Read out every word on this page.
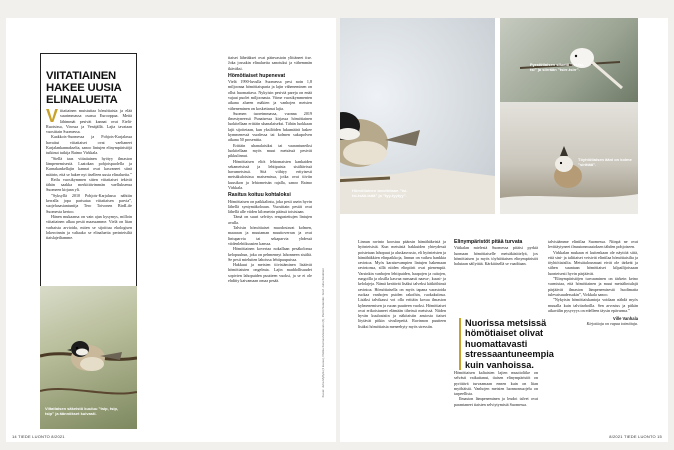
VIITATIAINEN HAKEE UUSIA ELINALUEITA

Viitatiainen muistuttaa hömötiaista ja elää suurimmassa osassa Eurooppaa. Meitä lähimmät pesivät kannat ovat Etelä-Ruotsissa, Virossa ja Venäjällä. Lajia tavataan vuosittain Suomessa.

Kaakkois-Suomessa ja Pohjois-Karjalassa havaitut viitatiaiset ovat vaeltaneet Karjalankannakselta, sanoo lintujen elinympäristöjä tutkinut tutkija Raimo Virkkala.

”Siellä taas viitatiainen hyötyy ilmaston lämpenemisestä. Laatokan pohjoispuolella ja Karnakankellajin kannat ovat kasvaneet siinä määrin, että se hakee nyt itselleen uusia elinalueita.”

Reilu vuosikymmen sitten viitatiaiset tekivät tähän saakka merkittävimmän vaelluksensa Suomeen kirjaan yli.

”Syksyllä 2010 Pohjois-Karjalassa nähtiin kerralla jopa parisataa viitatiaisen parvia”, suojelusasiantuntija Tero Toivonen BirdLife Suomesta kertoo.

Hänen mukaansa on vain ajan kysymys, milloin viitatiainen alkaa pesiä maassamme. Vielä on liian varhaista arvioida, miten se sijoittuu ekologisen lokeroinnin ja valtaako se elinalueita perinteisiltä tiaislajeiltamme.

Viitatiaisen säkeistö kuuluu ”tsip, tsip, tsip” ja äännökset kuivasti.

tiaiset lähetäkset ovat päinvastoin ylittäneet itse. Joka jossakin elinalueita sanotuksi ja vähemmän ikäväksi.

Hömötiaiset hupenevat

Vielä 1990-luvulla Suomessa pesi noin 1,8 miljoonaa hömötiaisparia ja lajin väheneminen on ollut huomattava. Nykyisin pesiviä pareja on enää vajaat puolet miljoonasta. Viime vuosikymmenten aikana alueen mäkien ja vanhojen metsien väheneminen on koskettanut lajia.

Suomen tuoreimmassa, vuonna 2019 ilmestyneessä Punaisessa kirjassa hömötiainen luokitellaan erittäin uhanalaiseksi. Tähän luokkaan lajit sijoitetaan, kun yksilöiden lukumäärä laskee kymmenessä vuodessa tai kolmen sukupolven aikana 50 prosenttia.

Erittäin uhanalaisiksi tai vaarantuneiksi luokitellaan myös muut metsässä pesivät pikkulinnut.

Hömötiaisen eliöt lehtomaisten kankaiden sekametsissä ja lehtipuista sisältävissä havumetsissä. Sitä viihtyy erityisesti metsäkuloisissa maisemissa, jotka ovat tiiviin kuusikon ja lehtometsän rajalla, sanoo Raimo Virkkala.

Rasitus koituu kohtaloksi

Hömötiaisen on paikkalintu, joka pesii usein hyvin lähellä syntymäkoloaan. Vuosittain pesiät ovat lähellä alle viiden kilometrin päässä toisistaan.

Tämä on suuri selvitys rengastettujen lintujen avulla.

Talvisin hömötiaiset muodostavat kolmen, maaraan ja muutaman muuttoverran ja ovat lintuparvia tai sekaparvia yhdessä viidenlehtikuusien kanssa.

Hömötiainen kovertaa nokallaan pesäkolonsa kelopuuhun, joka on pehmennyt lahonneen sisältä. Se pesii mieluiten lahoissa lehtipuupuissa.

Hakkuut ja metsien tiivistäminen lisäävät hömötiaisten ongelmia. Lajin maddollisuudet sopivien lahopuiden puutteen vuoksi, ja se ei ole ehditty kaivamaan omaa pesää.	Kuvat: Juha Myllylä (4 kuvaa), Pekka Kunnas/Vastavalo (6), Pentti Sulander. Graf. Juha Keskinen
14 TIEDE LUONTO 8/2021
Hömötiainen tavoitetaan ”tsi-tsi-tsää-tsää” ja ”tyy-tyytyy”.
Pyrstötiaisen siluetti ”tsi-tsi-tsi” ja siirrään ”tsirr-tsirr”.
Töyhtötiaisen ääni on kolme ”sirittää”.

Linnun ravinto koostuu pääosin hämähäkeistä ja hyönteisistä. Kun metsästä hakkuiden yhteydessä poistetaan lahopuut ja aluskasvusto, eli hyönteisten ja hämähäkkien elinpaikkoja, linnun on vaikea hankkia ravintoa. Myös karaisevampien lintujen hakemaan ravintonsa, sillä niiden elinpiirit ovat pienempiä. Varsinkin vanhojen lehtipuiden, haapojen ja raitojen, rungoilla ja oksilla kasvaa runsaasti naava-, kuusi- ja kelolajeja. Nämä keräävät lisäksi talveksi kätköihinsä ravintoa. Hömötiaisella on myös tapana varastoida ruokaa vanhojen puiden rakoihin, ruokaksiinsa. Lisäksi talvikausi voi olla erittäin kovaa ilmaston kylmenemisen ja ruoan puutteen vuoksi. Hömötiaiset ovat erikoistuneet elämään tiheissä metsissä. Niiden hyvän kuuloaistin ja näköaistin ansiosta tiaiset löytävät pitkin sivuliepeitä. Ravinnon puutteen lisäksi hömötiaisia meneehyty myös stressiin.

Elinympäristöt pitää turvata

Viitkalan mielestä Suomessa pitäisi pyrkiä luomaan hömötiaiselle metsäkäsittelyä, jos hömötiaisen ja myös töyhtötiaisen elinympäristöt halutaan säilyttää. Kärkiäisellä se vaaditaan.

Nuorissa metsissä hömötiaiset olivat huomattavasti stressaantuneempia kuin vanhoissa.

Hömötiaisen kaltaisten lajien muuttoliike on selvästi vaikuttanut, tiaisen elinympäristöt on pyrittävä turvaamaan ennen kuin on liian myöhäistä. Vanhojen metsien luonnonsuojelu on tarpeellista.

Ilmaston lämpeneminen ja leudot talvet ovat parantaneet tiaisten selviytymistä Suomessa.

talvisäämme elintilaa Suomessa. Niinpä ne ovat levittäytyneet ilmastonmuutoksen tähden pohjoiseen.

Virkkalan mukaan ei kuitenkaan ole näyttöä siitä, että sini- ja talitiaiset veisivät elintilaa hömötiaisilta ja töyhtötiaisilta. Metsätalousmaat eivät ole tärkeät ja siihen suuntaan hömötiaiset kilpailijoissaan luonteisesti hyvin pärjäävät.

”Elinympäristöjen turvaaminen on tärkein keino varmistaa, että hömötiainen ja muut metsälintulajit pärjäävät ilmaston lämpenemisestä huolimatta tulevaisuudessakin”, Virkkala sanoo.

”Nykyisin hömötiaiskantoja voidaan nähdä myös muualla kuin talvitarhoilla. Sen arvostus ja pitkän aikavälin pysyvyys on edelleen täysin epävarma.”

Ville Vanhala
Kirjoittaja on vapaa toimittaja.
8/2021 TIEDE LUONTO 15
